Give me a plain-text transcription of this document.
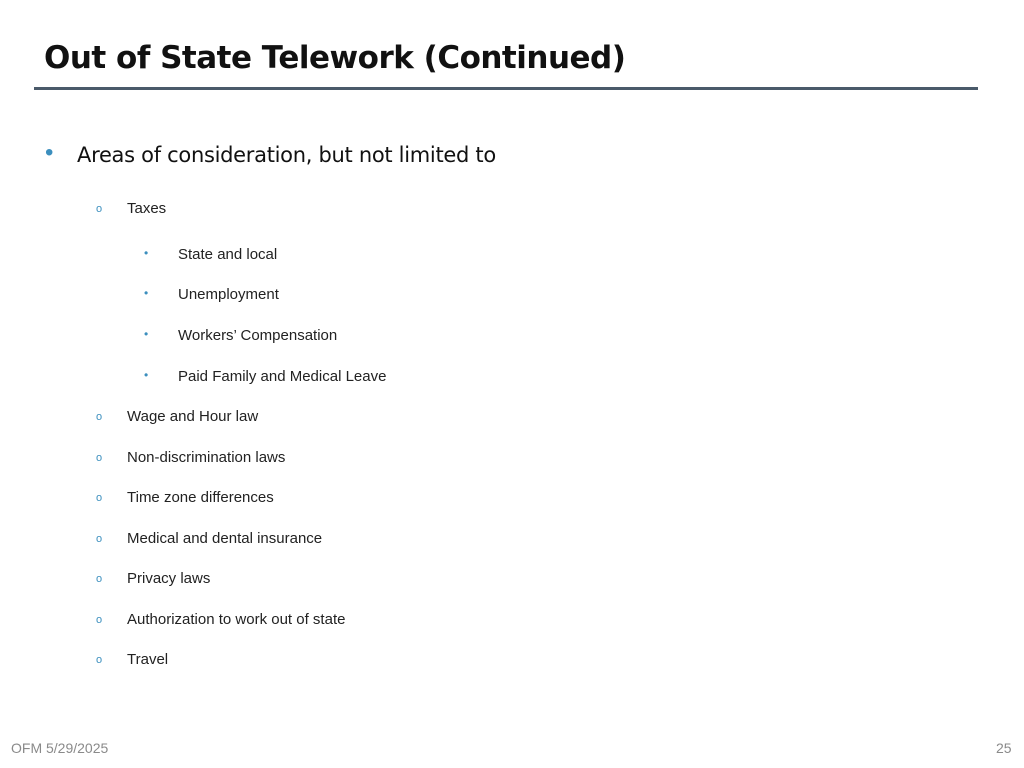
Out of State Telework (Continued)
• Areas of consideration, but not limited to
o Taxes
• State and local
• Unemployment
• Workers’ Compensation
• Paid Family and Medical Leave
o Wage and Hour law
o Non-discrimination laws
o Time zone differences
o Medical and dental insurance
o Privacy laws
o Authorization to work out of state
o Travel
OFM 5/29/2025	25
